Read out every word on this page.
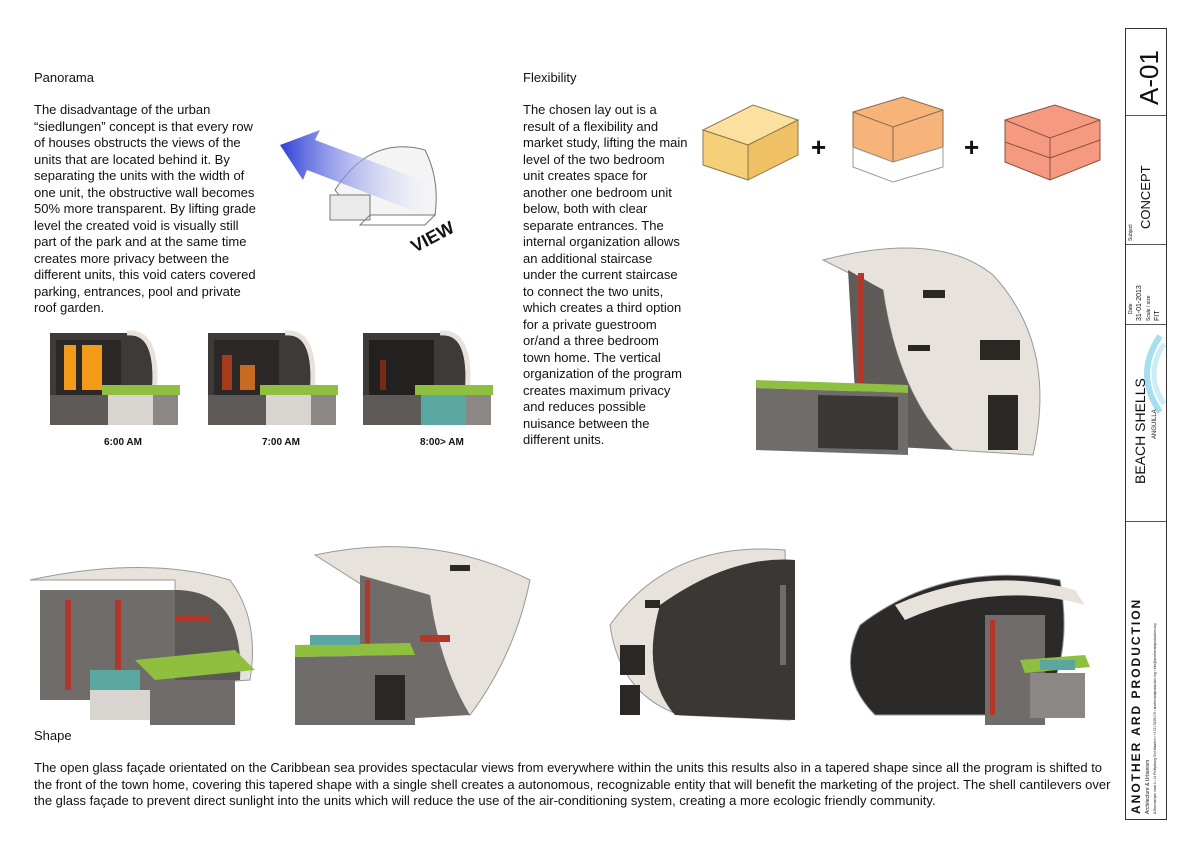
Panorama
The disadvantage of the urban “siedlungen” concept is that every row of houses obstructs the views of the units that are located behind it. By separating the units with the width of one unit, the obstructive wall becomes 50% more transparent. By lifting grade level the created void is visually still part of the park and at the same time creates more privacy between the different units, this void caters covered parking, entrances, pool and private roof garden.
VIEW
6:00 AM	7:00 AM	8:00> AM
Flexibility
The chosen lay out is a result of a flexibility and market study, lifting the main level of the two bedroom unit creates space for another one bedroom unit below, both with clear separate entrances. The internal organization allows an additional staircase under the current staircase to connect the two units, which creates a third option for a private guestroom or/and a three bedroom town home. The vertical organization of the program creates maximum privacy and reduces possible nuisance between the different units.
+	+
Shape
The open glass façade orientated on the Caribbean sea provides spectacular views from everywhere within the units this results also in a tapered shape since all the program is shifted to the front of the town home, covering this tapered shape with a single shell creates a autonomous, recognizable entity that will benefit the marketing of the project. The shell cantilevers over the glass façade to prevent direct sunlight into the units which will reduce the use of the air-conditioning system, creating a more ecologic friendly community.
A-01
Subject
CONCEPT
Date 31-01-2013 Scale / size FIT
BEACH SHELLS ANGUILLA
ANOTHER ARD PRODUCTION Architecture & Urbanism A.Runnaerpier road 4 • 14 Phillipsburg Sint Maarten • +1721 5220170 • anotherardproduction.org • info@anotherardproduction.org
